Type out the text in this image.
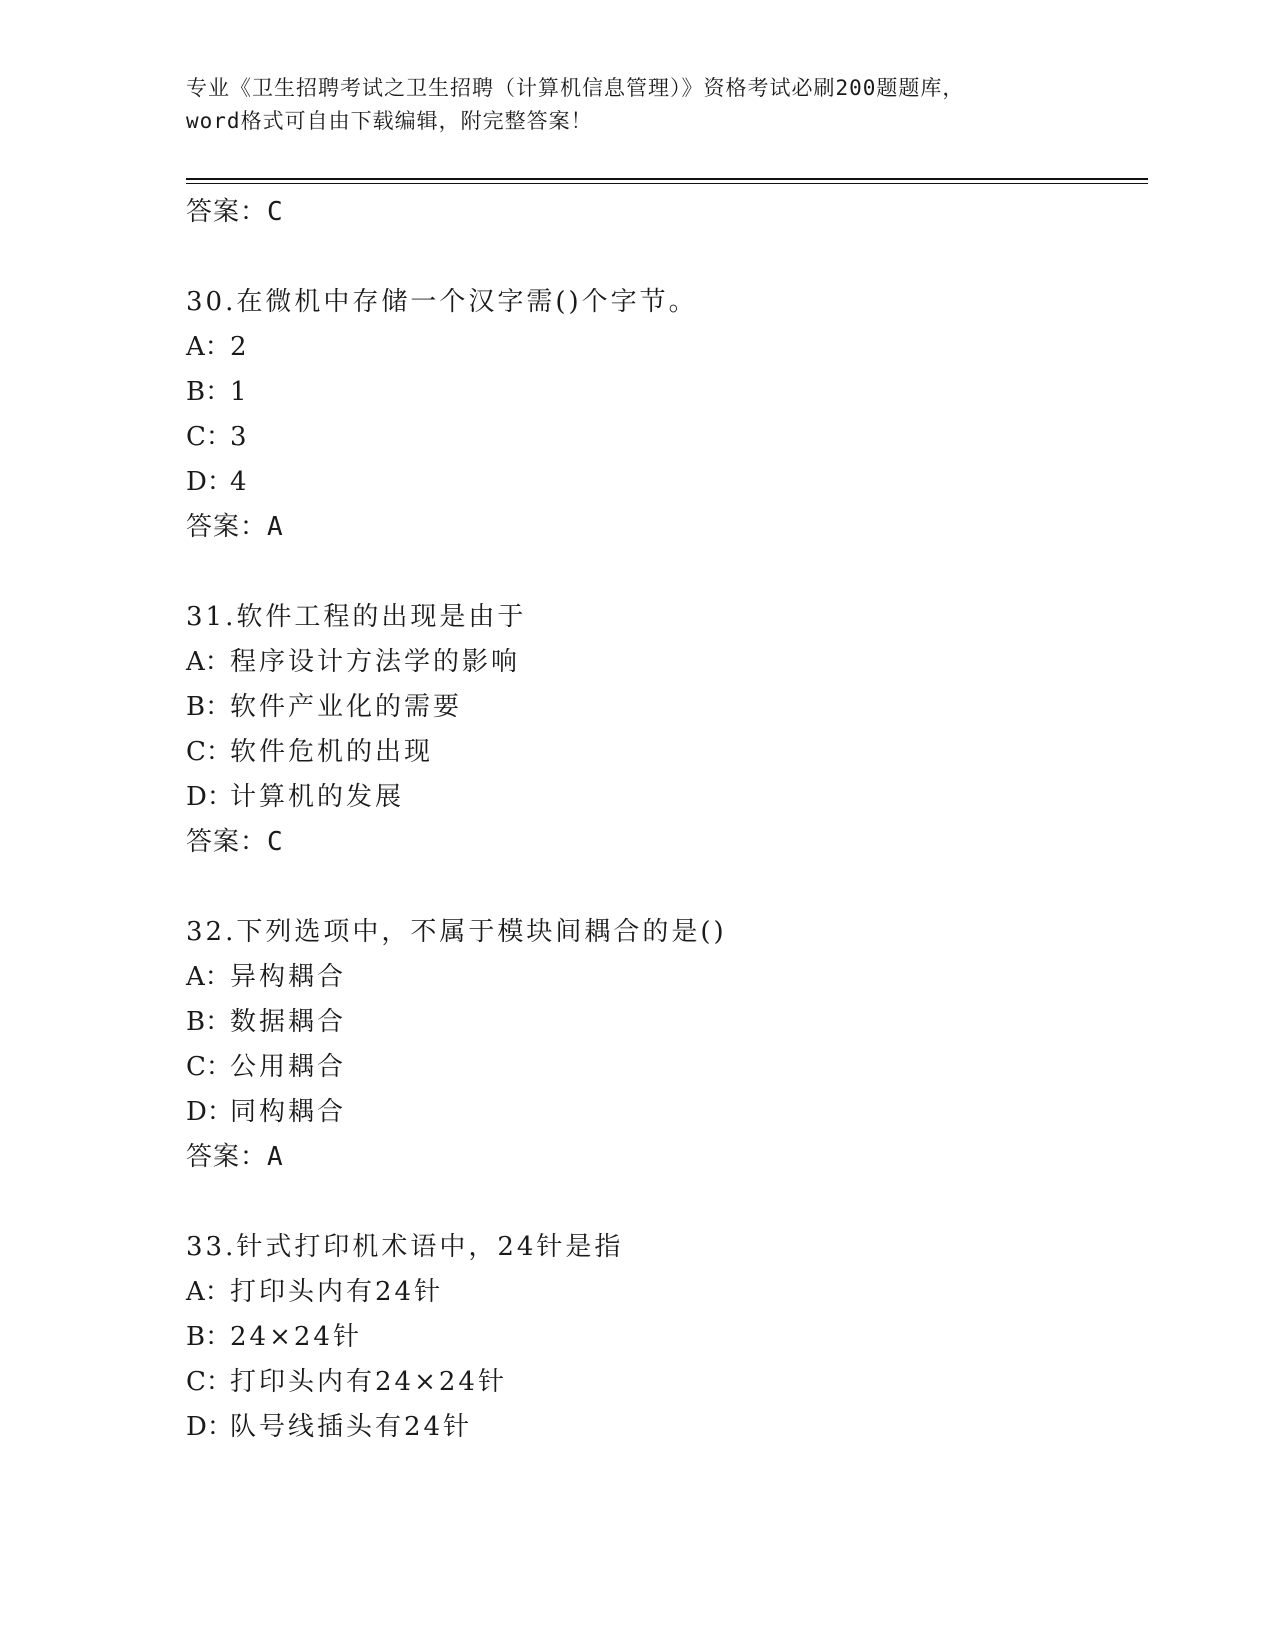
专业《卫生招聘考试之卫生招聘（计算机信息管理）》资格考试必刷200题题库，
word格式可自由下载编辑，附完整答案！
答案：C
30.在微机中存储一个汉字需()个字节。
A：2
B：1
C：3
D：4
答案：A
31.软件工程的出现是由于
A：程序设计方法学的影响
B：软件产业化的需要
C：软件危机的出现
D：计算机的发展
答案：C
32.下列选项中，不属于模块间耦合的是()
A：异构耦合
B：数据耦合
C：公用耦合
D：同构耦合
答案：A
33.针式打印机术语中，24针是指
A：打印头内有24针
B：24×24针
C：打印头内有24×24针
D：队号线插头有24针
